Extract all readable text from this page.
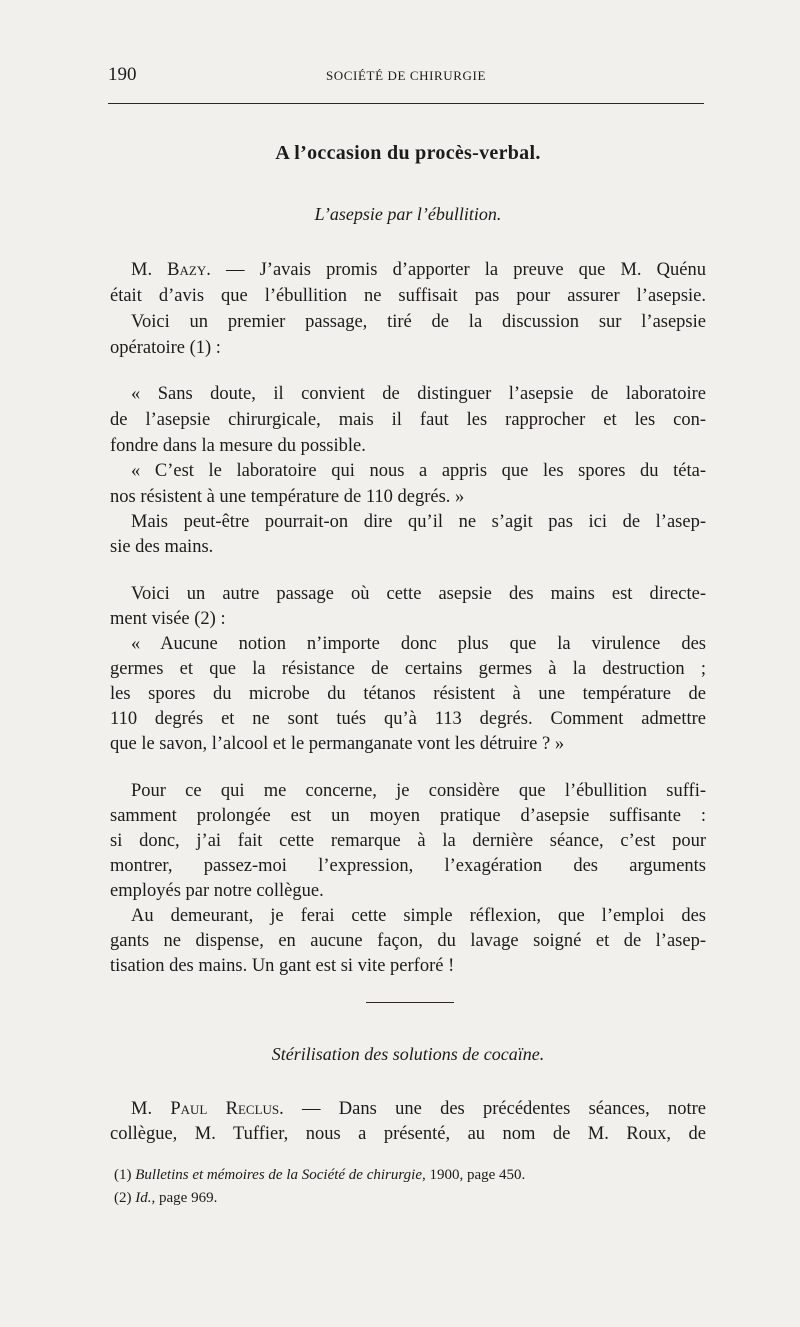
190	SOCIÉTÉ DE CHIRURGIE
A l’occasion du procès-verbal.
L’asepsie par l’ébullition.
M. Bazy. — J’avais promis d’apporter la preuve que M. Quénu
était d’avis que l’ébullition ne suffisait pas pour assurer l’asepsie.
Voici un premier passage, tiré de la discussion sur l’asepsie
opératoire (1) :
« Sans doute, il convient de distinguer l’asepsie de laboratoire
de l’asepsie chirurgicale, mais il faut les rapprocher et les con-
fondre dans la mesure du possible.
« C’est le laboratoire qui nous a appris que les spores du téta-
nos résistent à une température de 110 degrés. »
Mais peut-être pourrait-on dire qu’il ne s’agit pas ici de l’asep-
sie des mains.
Voici un autre passage où cette asepsie des mains est directe-
ment visée (2) :
« Aucune notion n’importe donc plus que la virulence des
germes et que la résistance de certains germes à la destruction ;
les spores du microbe du tétanos résistent à une température de
110 degrés et ne sont tués qu’à 113 degrés. Comment admettre
que le savon, l’alcool et le permanganate vont les détruire ? »
Pour ce qui me concerne, je considère que l’ébullition suffi-
samment prolongée est un moyen pratique d’asepsie suffisante :
si donc, j’ai fait cette remarque à la dernière séance, c’est pour
montrer, passez-moi l’expression, l’exagération des arguments
employés par notre collègue.
Au demeurant, je ferai cette simple réflexion, que l’emploi des
gants ne dispense, en aucune façon, du lavage soigné et de l’asep-
tisation des mains. Un gant est si vite perforé !
Stérilisation des solutions de cocaïne.
M. Paul Reclus. — Dans une des précédentes séances, notre
collègue, M. Tuffier, nous a présenté, au nom de M. Roux, de
(1) Bulletins et mémoires de la Société de chirurgie, 1900, page 450.
(2) Id., page 969.
